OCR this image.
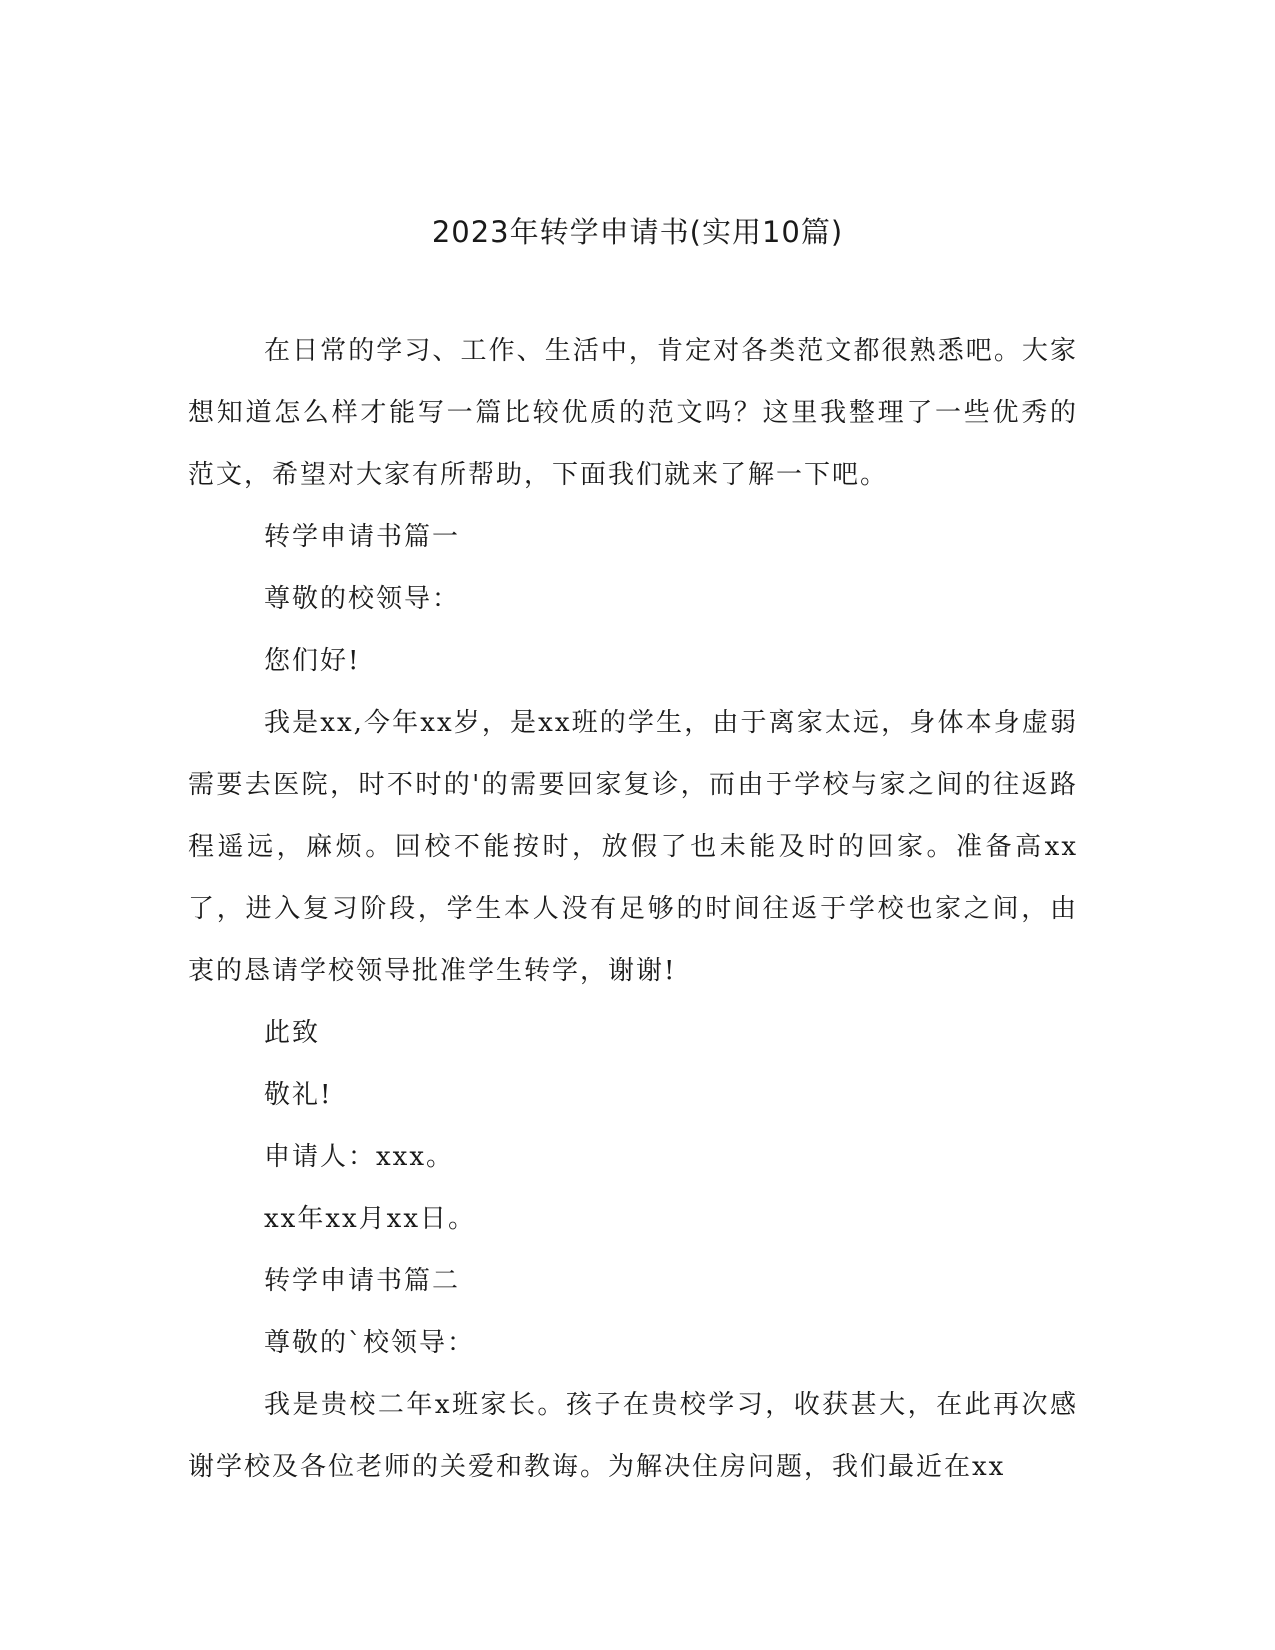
2023年转学申请书(实用10篇)

在日常的学习、工作、生活中，肯定对各类范文都很熟悉吧。大家想知道怎么样才能写一篇比较优质的范文吗？这里我整理了一些优秀的范文，希望对大家有所帮助，下面我们就来了解一下吧。

转学申请书篇一

尊敬的校领导：

您们好!

我是xx,今年xx岁，是xx班的学生，由于离家太远，身体本身虚弱需要去医院，时不时的'的需要回家复诊，而由于学校与家之间的往返路程遥远，麻烦。回校不能按时，放假了也未能及时的回家。准备高xx了，进入复习阶段，学生本人没有足够的时间往返于学校也家之间，由衷的恳请学校领导批准学生转学，谢谢!

此致

敬礼!

申请人：xxx。

xx年xx月xx日。

转学申请书篇二

尊敬的`校领导：

我是贵校二年x班家长。孩子在贵校学习，收获甚大，在此再次感谢学校及各位老师的关爱和教诲。为解决住房问题，我们最近在xx
